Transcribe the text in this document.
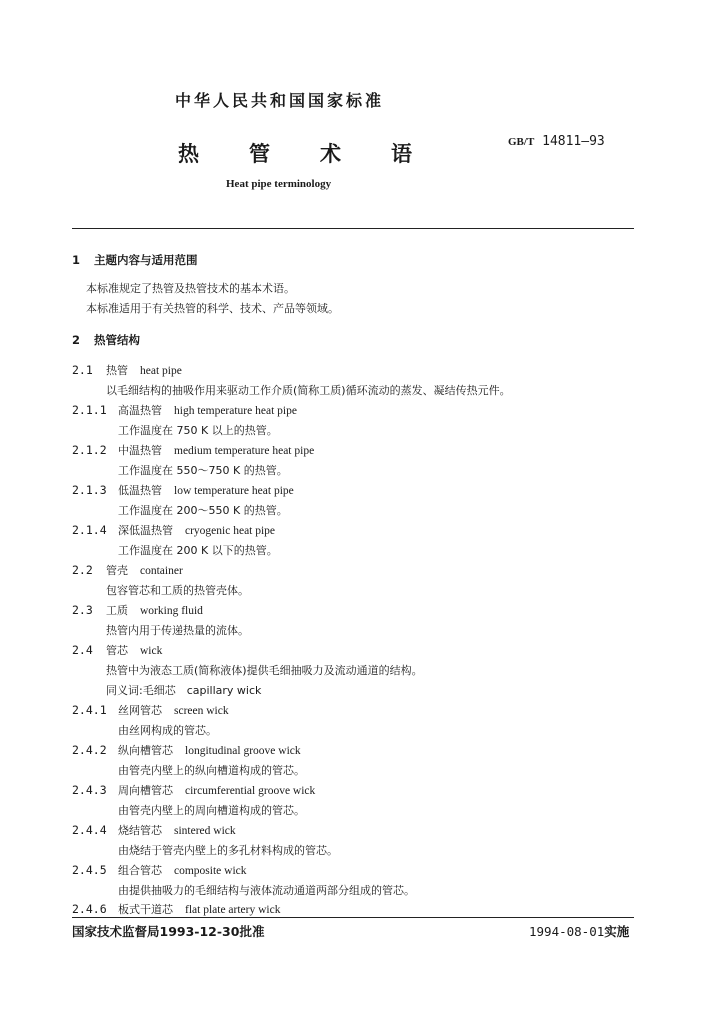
中华人民共和国国家标准
热管术语	GB/T 14811—93
Heat pipe terminology
1 主题内容与适用范围
本标准规定了热管及热管技术的基本术语。
本标准适用于有关热管的科学、技术、产品等领域。
2 热管结构
2.1 热管 heat pipe
以毛细结构的抽吸作用来驱动工作介质(简称工质)循环流动的蒸发、凝结传热元件。
2.1.1 高温热管 high temperature heat pipe
工作温度在 750 K 以上的热管。
2.1.2 中温热管 medium temperature heat pipe
工作温度在 550～750 K 的热管。
2.1.3 低温热管 low temperature heat pipe
工作温度在 200～550 K 的热管。
2.1.4 深低温热管 cryogenic heat pipe
工作温度在 200 K 以下的热管。
2.2 管壳 container
包容管芯和工质的热管壳体。
2.3 工质 working fluid
热管内用于传递热量的流体。
2.4 管芯 wick
热管中为液态工质(简称液体)提供毛细抽吸力及流动通道的结构。
同义词:毛细芯　capillary wick
2.4.1 丝网管芯 screen wick
由丝网构成的管芯。
2.4.2 纵向槽管芯 longitudinal groove wick
由管壳内壁上的纵向槽道构成的管芯。
2.4.3 周向槽管芯 circumferential groove wick
由管壳内壁上的周向槽道构成的管芯。
2.4.4 烧结管芯 sintered wick
由烧结于管壳内壁上的多孔材料构成的管芯。
2.4.5 组合管芯 composite wick
由提供抽吸力的毛细结构与液体流动通道两部分组成的管芯。
2.4.6 板式干道芯 flat plate artery wick
国家技术监督局1993-12-30批准	1994-08-01实施
